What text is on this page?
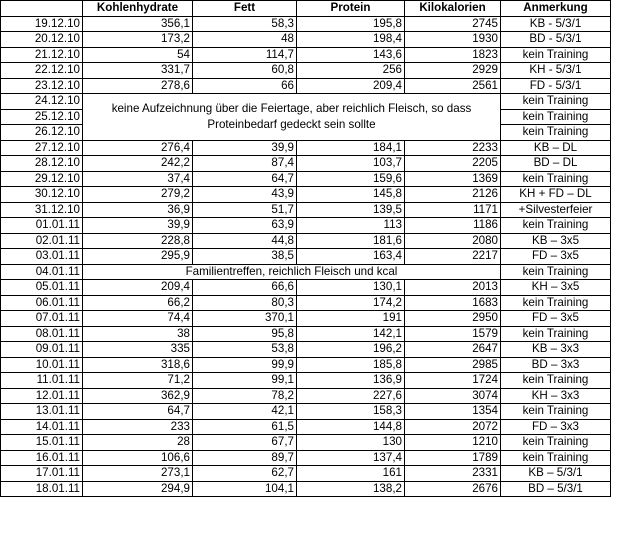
	Kohlenhydrate	Fett	Protein	Kilokalorien	Anmerkung
19.12.10	356,1	58,3	195,8	2745	KB - 5/3/1
20.12.10	173,2	48	198,4	1930	BD - 5/3/1
21.12.10	54	114,7	143,6	1823	kein Training
22.12.10	331,7	60,8	256	2929	KH - 5/3/1
23.12.10	278,6	66	209,4	2561	FD - 5/3/1
24.12.10	keine Aufzeichnung über die Feiertage, aber reichlich Fleisch, so dass Proteinbedarf gedeckt sein sollte				kein Training
25.12.10					kein Training
26.12.10					kein Training
27.12.10	276,4	39,9	184,1	2233	KB – DL
28.12.10	242,2	87,4	103,7	2205	BD – DL
29.12.10	37,4	64,7	159,6	1369	kein Training
30.12.10	279,2	43,9	145,8	2126	KH + FD – DL
31.12.10	36,9	51,7	139,5	1171	+Silvesterfeier
01.01.11	39,9	63,9	113	1186	kein Training
02.01.11	228,8	44,8	181,6	2080	KB – 3x5
03.01.11	295,9	38,5	163,4	2217	FD – 3x5
04.01.11	Familientreffen, reichlich Fleisch und kcal				kein Training
05.01.11	209,4	66,6	130,1	2013	KH – 3x5
06.01.11	66,2	80,3	174,2	1683	kein Training
07.01.11	74,4	370,1	191	2950	FD – 3x5
08.01.11	38	95,8	142,1	1579	kein Training
09.01.11	335	53,8	196,2	2647	KB – 3x3
10.01.11	318,6	99,9	185,8	2985	BD – 3x3
11.01.11	71,2	99,1	136,9	1724	kein Training
12.01.11	362,9	78,2	227,6	3074	KH – 3x3
13.01.11	64,7	42,1	158,3	1354	kein Training
14.01.11	233	61,5	144,8	2072	FD – 3x3
15.01.11	28	67,7	130	1210	kein Training
16.01.11	106,6	89,7	137,4	1789	kein Training
17.01.11	273,1	62,7	161	2331	KB – 5/3/1
18.01.11	294,9	104,1	138,2	2676	BD – 5/3/1
